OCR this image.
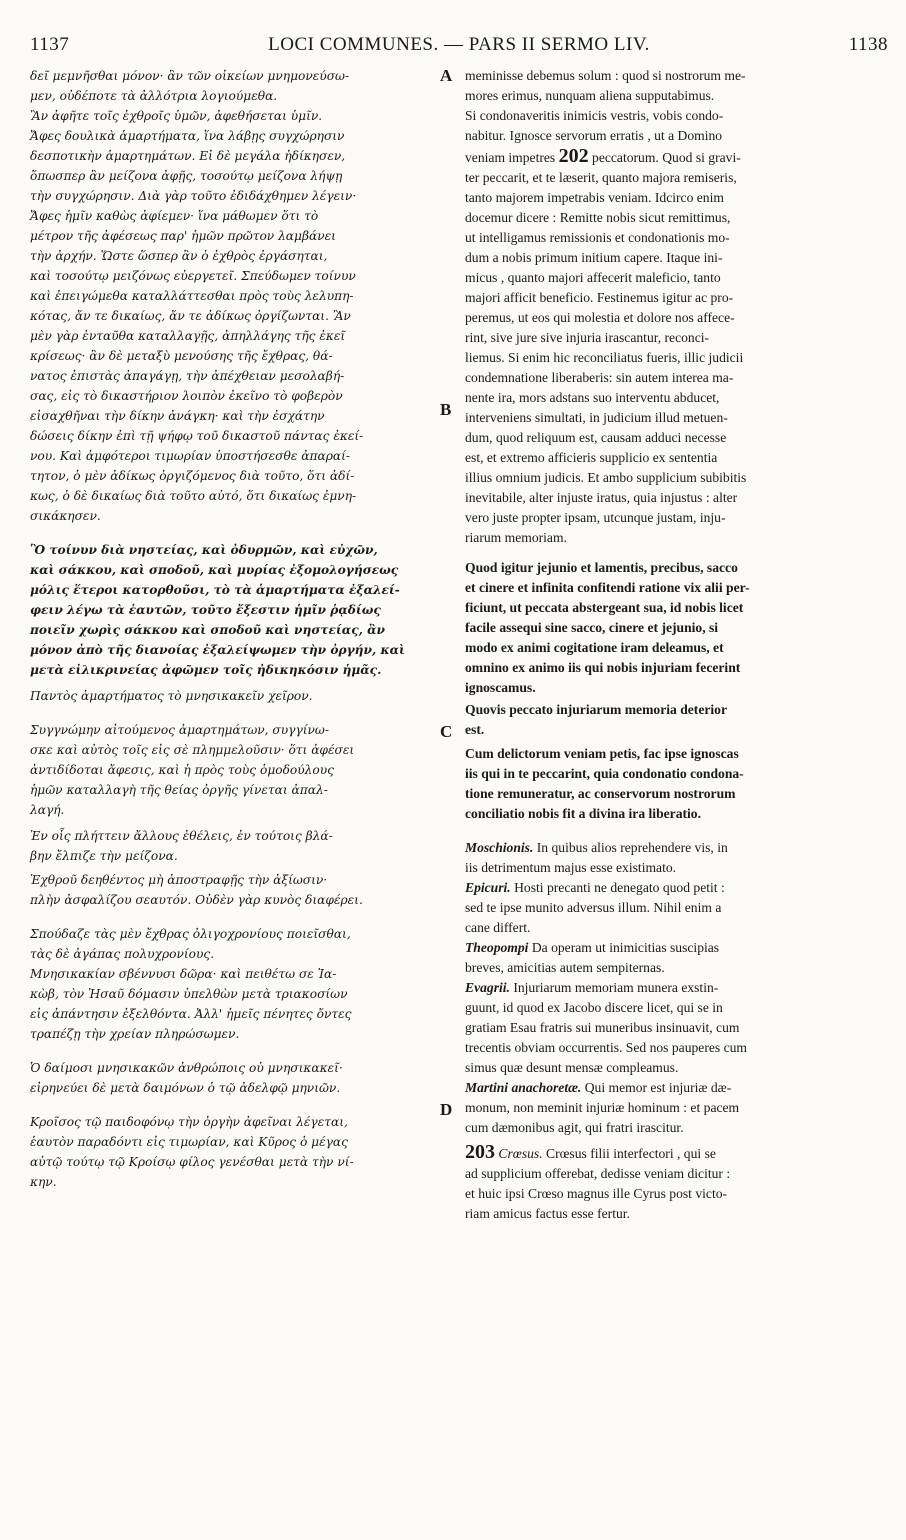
1137	LOCI COMMUNES. — PARS II SERMO LIV.	1138
A
B
C
D
δεῖ μεμνῆσθαι μόνον· ἂν τῶν οἰκείων μνημονεύσω-
μεν, οὐδέποτε τὰ ἀλλότρια λογιούμεθα.
Ἂν ἀφῆτε τοῖς ἐχθροῖς ὑμῶν, ἀφεθήσεται ὑμῖν.
Ἄφες δουλικὰ ἁμαρτήματα, ἵνα λάβῃς συγχώρησιν
δεσποτικὴν ἁμαρτημάτων. Εἰ δὲ μεγάλα ἠδίκησεν,
ὅπωσπερ ἂν μείζονα ἀφῇς, τοσούτῳ μείζονα λήψῃ
τὴν συγχώρησιν. Διὰ γὰρ τοῦτο ἐδιδάχθημεν λέγειν·
Ἄφες ἡμῖν καθὼς ἀφίεμεν· ἵνα μάθωμεν ὅτι τὸ
μέτρον τῆς ἀφέσεως παρ' ἡμῶν πρῶτον λαμβάνει
τὴν ἀρχήν. Ὥστε ὥσπερ ἂν ὁ ἐχθρὸς ἐργάσηται,
καὶ τοσούτῳ μειζόνως εὐεργετεῖ. Σπεύδωμεν τοίνυν
καὶ ἐπειγώμεθα καταλλάττεσθαι πρὸς τοὺς λελυπη-
κότας, ἄν τε δικαίως, ἄν τε ἀδίκως ὀργίζωνται. Ἂν
μὲν γὰρ ἐνταῦθα καταλλαγῇς, ἀπηλλάγης τῆς ἐκεῖ
κρίσεως· ἂν δὲ μεταξὺ μενούσης τῆς ἔχθρας, θά-
νατος ἐπιστὰς ἀπαγάγῃ, τὴν ἀπέχθειαν μεσολαβή-
σας, εἰς τὸ δικαστήριον λοιπὸν ἐκεῖνο τὸ φοβερὸν
εἰσαχθῆναι τὴν δίκην ἀνάγκη· καὶ τὴν ἐσχάτην
δώσεις δίκην ἐπὶ τῇ ψήφῳ τοῦ δικαστοῦ πάντας ἐκεί-
νου. Καὶ ἀμφότεροι τιμωρίαν ὑποστήσεσθε ἀπαραί-
τητον, ὁ μὲν ἀδίκως ὀργιζόμενος διὰ τοῦτο, ὅτι ἀδί-
κως, ὁ δὲ δικαίως διὰ τοῦτο αὐτό, ὅτι δικαίως ἐμνη-
σικάκησεν.
Ὃ τοίνυν διὰ νηστείας, καὶ ὀδυρμῶν, καὶ εὐχῶν,
καὶ σάκκου, καὶ σποδοῦ, καὶ μυρίας ἐξομολογήσεως
μόλις ἕτεροι κατορθοῦσι, τὸ τὰ ἁμαρτήματα ἐξαλεί-
φειν λέγω τὰ ἑαυτῶν, τοῦτο ἔξεστιν ἡμῖν ῥᾳδίως
ποιεῖν χωρὶς σάκκου καὶ σποδοῦ καὶ νηστείας, ἂν
μόνον ἀπὸ τῆς διανοίας ἐξαλείψωμεν τὴν ὀργήν, καὶ
μετὰ εἰλικρινείας ἀφῶμεν τοῖς ἠδικηκόσιν ἡμᾶς.
Παντὸς ἁμαρτήματος τὸ μνησικακεῖν χεῖρον.
Συγγνώμην αἰτούμενος ἁμαρτημάτων, συγγίνω-
σκε καὶ αὐτὸς τοῖς εἰς σὲ πλημμελοῦσιν· ὅτι ἀφέσει
ἀντιδίδοται ἄφεσις, καὶ ἡ πρὸς τοὺς ὁμοδούλους
ἡμῶν καταλλαγὴ τῆς θείας ὀργῆς γίνεται ἀπαλ-
λαγή.
Ἐν οἷς πλήττειν ἄλλους ἐθέλεις, ἐν τούτοις βλά-
βην ἔλπιζε τὴν μείζονα.
Ἐχθροῦ δεηθέντος μὴ ἀποστραφῇς τὴν ἀξίωσιν·
πλὴν ἀσφαλίζου σεαυτόν. Οὐδὲν γὰρ κυνὸς διαφέρει.
Σπούδαζε τὰς μὲν ἔχθρας ὀλιγοχρονίους ποιεῖσθαι,
τὰς δὲ ἀγάπας πολυχρονίους.
Μνησικακίαν σβέννυσι δῶρα· καὶ πειθέτω σε Ἰα-
κὼβ, τὸν Ἠσαῦ δόμασιν ὑπελθὼν μετὰ τριακοσίων
εἰς ἀπάντησιν ἐξελθόντα. Ἀλλ' ἡμεῖς πένητες ὄντες
τραπέζῃ τὴν χρείαν πληρώσωμεν.
Ὁ δαίμοσι μνησικακῶν ἀνθρώποις οὐ μνησικακεῖ·
εἰρηνεύει δὲ μετὰ δαιμόνων ὁ τῷ ἀδελφῷ μηνιῶν.
Κροῖσος τῷ παιδοφόνῳ τὴν ὀργὴν ἀφεῖναι λέγεται,
ἑαυτὸν παραδόντι εἰς τιμωρίαν, καὶ Κῦρος ὁ μέγας
αὐτῷ τούτῳ τῷ Κροίσῳ φίλος γενέσθαι μετὰ τὴν νί-
κην.
meminisse debemus solum : quod si nostrorum me-
mores erimus, nunquam aliena supputabimus.
Si condonaveritis inimicis vestris, vobis condo-
nabitur. Ignosce servorum erratis , ut a Domino
veniam impetres 202 peccatorum. Quod si gravi-
ter peccarit, et te læserit, quanto majora remiseris,
tanto majorem impetrabis veniam. Idcirco enim
docemur dicere : Remitte nobis sicut remittimus,
ut intelligamus remissionis et condonationis mo-
dum a nobis primum initium capere. Itaque ini-
micus , quanto majori affecerit maleficio, tanto
majori afficit beneficio. Festinemus igitur ac pro-
peremus, ut eos qui molestia et dolore nos affece-
rint, sive jure sive injuria irascantur, reconci-
liemus. Si enim hic reconciliatus fueris, illic judicii
condemnatione liberaberis: sin autem interea ma-
nente ira, mors adstans suo interventu abducet,
interveniens simultati, in judicium illud metuen-
dum, quod reliquum est, causam adduci necesse
est, et extremo afficieris supplicio ex sententia
illius omnium judicis. Et ambo supplicium subibitis
inevitabile, alter injuste iratus, quia injustus : alter
vero juste propter ipsam, utcunque justam, inju-
riarum memoriam.
Quod igitur jejunio et lamentis, precibus, sacco
et cinere et infinita confitendi ratione vix alii per-
ficiunt, ut peccata abstergeant sua, id nobis licet
facile assequi sine sacco, cinere et jejunio, si
modo ex animi cogitatione iram deleamus, et
omnino ex animo iis qui nobis injuriam fecerint
ignoscamus.
Quovis peccato injuriarum memoria deterior
est.
Cum delictorum veniam petis, fac ipse ignoscas
iis qui in te peccarint, quia condonatio condona-
tione remuneratur, ac conservorum nostrorum
conciliatio nobis fit a divina ira liberatio.
Moschionis. In quibus alios reprehendere vis, in
iis detrimentum majus esse existimato.
Epicuri. Hosti precanti ne denegato quod petit :
sed te ipse munito adversus illum. Nihil enim a
cane differt.
Theopompi Da operam ut inimicitias suscipias
breves, amicitias autem sempiternas.
Evagrii. Injuriarum memoriam munera exstin-
guunt, id quod ex Jacobo discere licet, qui se in
gratiam Esau fratris sui muneribus insinuavit, cum
trecentis obviam occurrentis. Sed nos pauperes cum
simus quæ desunt mensæ compleamus.
Martini anachoretæ. Qui memor est injuriæ dæ-
monum, non meminit injuriæ hominum : et pacem
cum dæmonibus agit, qui fratri irascitur.
203 Crœsus. Crœsus filii interfectori , qui se
ad supplicium offerebat, dedisse veniam dicitur :
et huic ipsi Crœso magnus ille Cyrus post victo-
riam amicus factus esse fertur.
